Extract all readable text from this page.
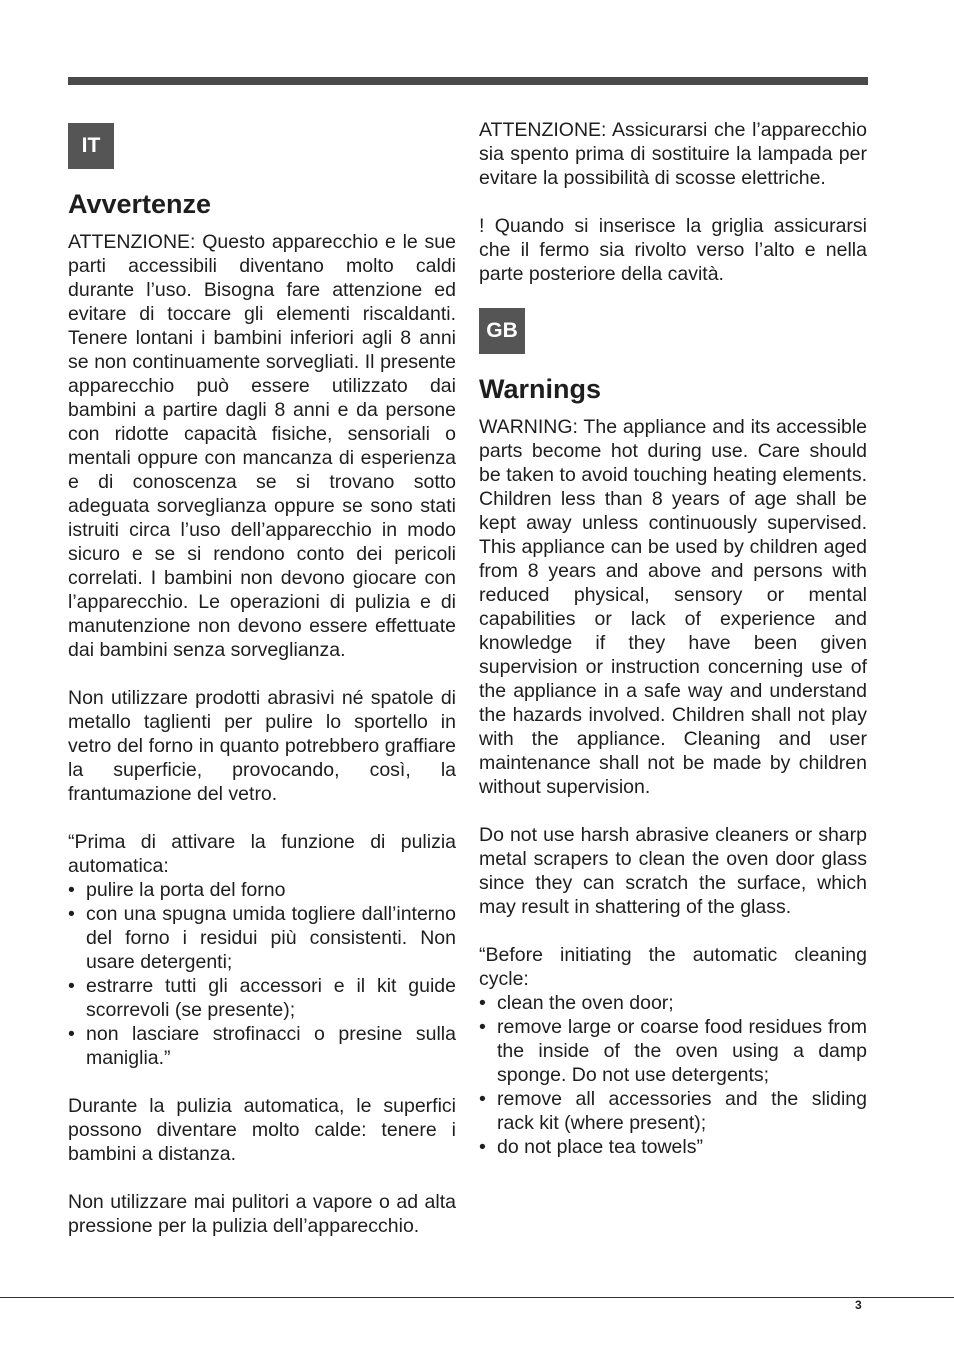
IT
Avvertenze

ATTENZIONE: Questo apparecchio e le sue parti accessibili diventano molto caldi durante l’uso. Bisogna fare attenzione ed evitare di toccare gli elementi riscaldanti. Tenere lontani i bambini inferiori agli 8 anni se non continuamente sorvegliati. Il presente apparecchio può essere utilizzato dai bambini a partire dagli 8 anni e da persone con ridotte capacità fisiche, sensoriali o mentali oppure con mancanza di esperienza e di conoscenza se si trovano sotto adeguata sorveglianza oppure se sono stati istruiti circa l’uso dell’apparecchio in modo sicuro e se si rendono conto dei pericoli correlati. I bambini non devono giocare con l’apparecchio. Le operazioni di pulizia e di manutenzione non devono essere effettuate dai bambini senza sorveglianza.

Non utilizzare prodotti abrasivi né spatole di metallo taglienti per pulire lo sportello in vetro del forno in quanto potrebbero graffiare la superficie, provocando, così, la frantumazione del vetro.

“Prima di attivare la funzione di pulizia automatica:

• pulire la porta del forno
• con una spugna umida togliere dall’interno del forno i residui più consistenti. Non usare detergenti;
• estrarre tutti gli accessori e il kit guide scorrevoli (se presente);
• non lasciare strofinacci o presine sulla maniglia.”

Durante la pulizia automatica, le superfici possono diventare molto calde: tenere i bambini a distanza.

Non utilizzare mai pulitori a vapore o ad alta pressione per la pulizia dell’apparecchio.

ATTENZIONE: Assicurarsi che l’apparecchio sia spento prima di sostituire la lampada per evitare la possibilità di scosse elettriche.

! Quando si inserisce la griglia assicurarsi che il fermo sia rivolto verso l’alto e nella parte posteriore della cavità.

GB
Warnings

WARNING: The appliance and its accessible parts become hot during use. Care should be taken to avoid touching heating elements. Children less than 8 years of age shall be kept away unless continuously supervised. This appliance can be used by children aged from 8 years and above and persons with reduced physical, sensory or mental capabilities or lack of experience and knowledge if they have been given supervision or instruction concerning use of the appliance in a safe way and understand the hazards involved. Children shall not play with the appliance. Cleaning and user maintenance shall not be made by children without supervision.

Do not use harsh abrasive cleaners or sharp metal scrapers to clean the oven door glass since they can scratch the surface, which may result in shattering of the glass.

“Before initiating the automatic cleaning cycle:

• clean the oven door;
• remove large or coarse food residues from the inside of the oven using a damp sponge. Do not use detergents;
• remove all accessories and the sliding rack kit (where present);
• do not place tea towels”
3
